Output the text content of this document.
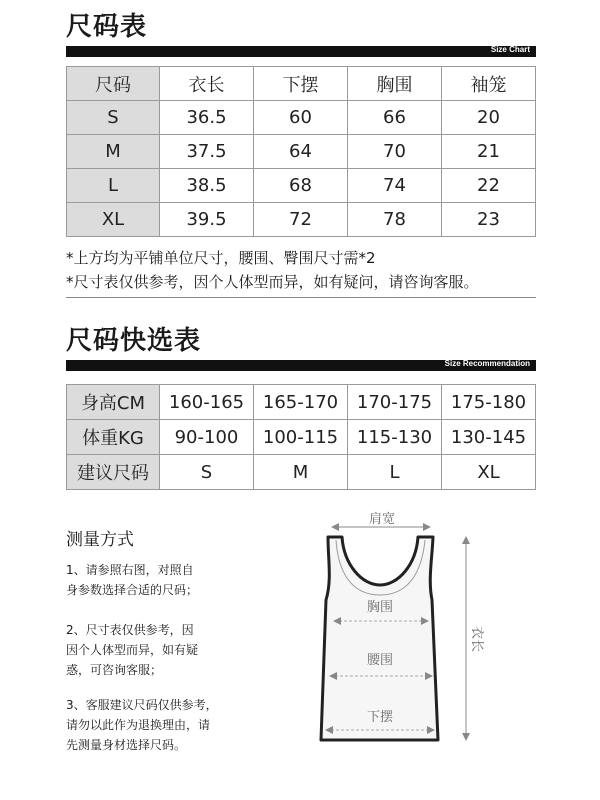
尺码表
Size Chart
尺码	衣长	下摆	胸围	袖笼
S	36.5	60	66	20
M	37.5	64	70	21
L	38.5	68	74	22
XL	39.5	72	78	23
*上方均为平铺单位尺寸，腰围、臀围尺寸需*2
*尺寸表仅供参考，因个人体型而异，如有疑问，请咨询客服。
尺码快选表
Size Recommendation
身高CM	160-165	165-170	170-175	175-180
体重KG	90-100	100-115	115-130	130-145
建议尺码	S	M	L	XL
测量方式
1、请参照右图，对照自
身参数选择合适的尺码；
2、尺寸表仅供参考，因
因个人体型而异，如有疑
惑，可咨询客服；
3、客服建议尺码仅供参考，
请勿以此作为退换理由，请
先测量身材选择尺码。
肩宽
胸围
腰围
下摆
衣长
